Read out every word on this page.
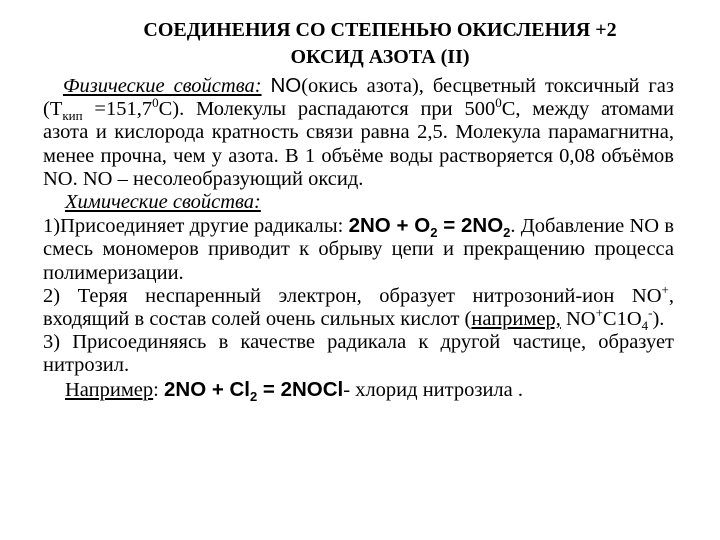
СОЕДИНЕНИЯ СО СТЕПЕНЬЮ ОКИСЛЕНИЯ +2
ОКСИД АЗОТА (II)

Физические свойства: NO(окись азота), бесцветный токсичный газ $(Т_{кип} =151,7^0С)$. Молекулы распадаются при $500^0С$, между атомами азота и кислорода кратность связи равна 2,5. Молекула парамагнитна, менее прочна, чем у азота. В 1 объёме воды растворяется 0,08 объёмов NO. NO – несолеобразующий оксид.

Химические свойства:

1)Присоединяет другие радикалы: $2NO + O_2 = 2NO_2$. Добавление NO в смесь мономеров приводит к обрыву цепи и прекращению процесса полимеризации.

2) Теряя неспаренный электрон, образует нитрозоний-ион NO+, входящий в состав солей очень сильных кислот (например, $NO^+C1O_4^-$).

3) Присоединяясь в качестве радикала к другой частице, образует нитрозил.

Например: $2NO + Cl_2$ = 2NOCl- хлорид нитрозила .
